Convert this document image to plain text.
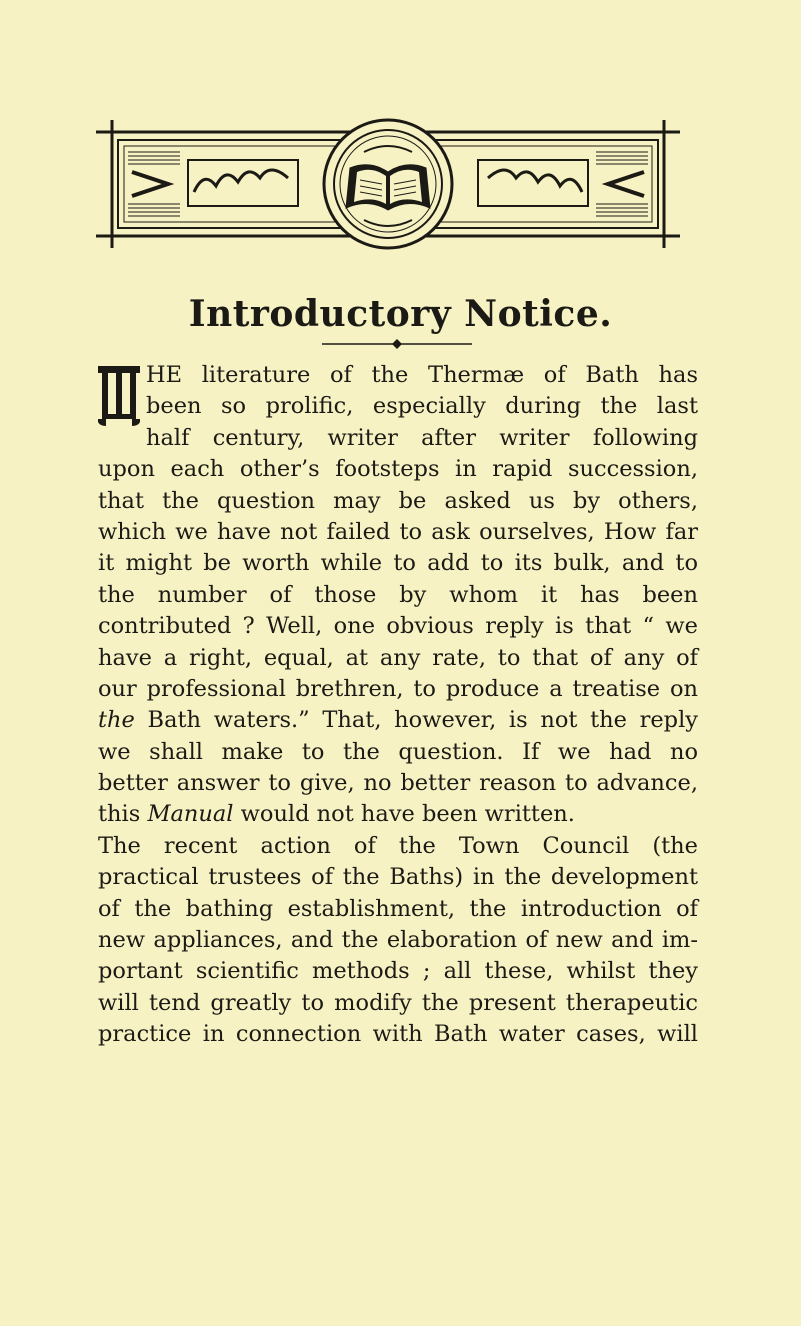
Introductory Notice.
HE literature of the Thermæ of Bath has
been so prolific, especially during the last
half century, writer after writer following
upon each other’s footsteps in rapid succession,
that the question may be asked us by others,
which we have not failed to ask ourselves, How far
it might be worth while to add to its bulk, and to
the number of those by whom it has been
contributed ? Well, one obvious reply is that “ we
have a right, equal, at any rate, to that of any of
our professional brethren, to produce a treatise on
the Bath waters.” That, however, is not the reply
we shall make to the question. If we had no
better answer to give, no better reason to advance,
this Manual would not have been written.
The recent action of the Town Council (the
practical trustees of the Baths) in the development
of the bathing establishment, the introduction of
new appliances, and the elaboration of new and im-
portant scientific methods ; all these, whilst they
will tend greatly to modify the present therapeutic
practice in connection with Bath water cases, will
